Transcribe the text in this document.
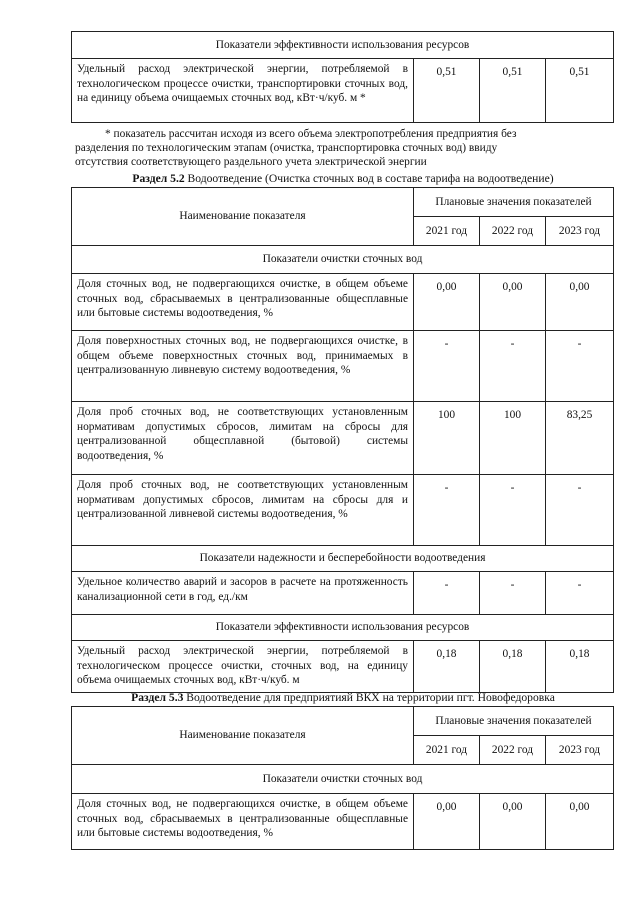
Показатели эффективности использования ресурсов
Удельный расход электрической энергии, потребляемой в технологическом процессе очистки, транспортировки сточных вод, на единицу объема очищаемых сточных вод, кВт·ч/куб. м *	0,51	0,51	0,51

* показатель рассчитан исходя из всего объема электропотребления предприятия без

разделения по технологическим этапам (очистка, транспортировка сточных вод) ввиду

отсутствия соответствующего раздельного учета электрической энергии

Раздел 5.2 Водоотведение (Очистка сточных вод в составе тарифа на водоотведение)
Наименование показателя	Плановые значения показателей		
	2021 год	2022 год	2023 год
Показатели очистки сточных вод			
Доля сточных вод, не подвергающихся очистке, в общем объеме сточных вод, сбрасываемых в централизованные общесплавные или бытовые системы водоотведения, %	0,00	0,00	0,00
Доля поверхностных сточных вод, не подвергающихся очистке, в общем объеме поверхностных сточных вод, принимаемых в централизованную ливневую систему водоотведения, %	-	-	-
Доля проб сточных вод, не соответствующих установленным нормативам допустимых сбросов, лимитам на сбросы для централизованной общесплавной (бытовой) системы водоотведения, %	100	100	83,25
Доля проб сточных вод, не соответствующих установленным нормативам допустимых сбросов, лимитам на сбросы для и централизованной ливневой системы водоотведения, %	-	-	-
Показатели надежности и бесперебойности водоотведения			
Удельное количество аварий и засоров в расчете на протяженность канализационной сети в год, ед./км	-	-	-
Показатели эффективности использования ресурсов			
Удельный расход электрической энергии, потребляемой в технологическом процессе очистки, сточных вод, на единицу объема очищаемых сточных вод, кВт·ч/куб. м	0,18	0,18	0,18
Раздел 5.3 Водоотведение для предприятияй ВКХ на территории пгт. Новофедоровка
Наименование показателя	Плановые значения показателей		
	2021 год	2022 год	2023 год
Показатели очистки сточных вод			
Доля сточных вод, не подвергающихся очистке, в общем объеме сточных вод, сбрасываемых в централизованные общесплавные или бытовые системы водоотведения, %	0,00	0,00	0,00
